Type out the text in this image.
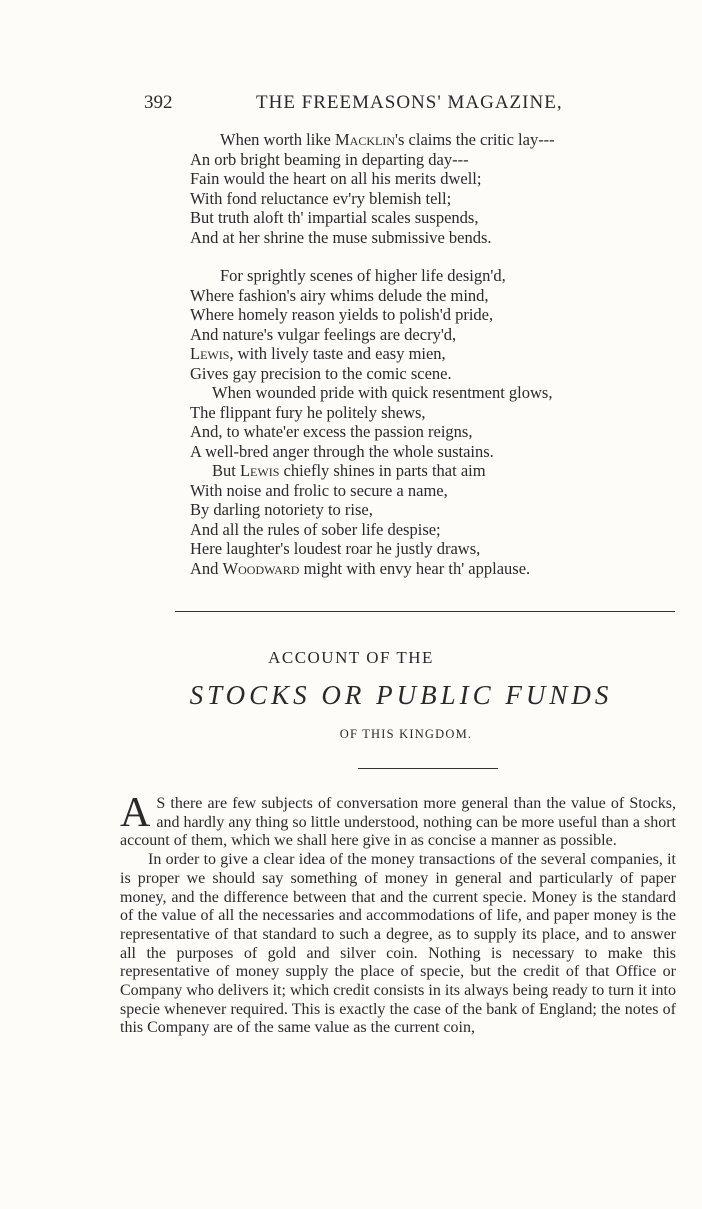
392	THE FREEMASONS' MAGAZINE,
When worth like Macklin's claims the critic lay---
An orb bright beaming in departing day---
Fain would the heart on all his merits dwell;
With fond reluctance ev'ry blemish tell;
But truth aloft th' impartial scales suspends,
And at her shrine the muse submissive bends.
For sprightly scenes of higher life design'd,
Where fashion's airy whims delude the mind,
Where homely reason yields to polish'd pride,
And nature's vulgar feelings are decry'd,
Lewis, with lively taste and easy mien,
Gives gay precision to the comic scene.
When wounded pride with quick resentment glows,
The flippant fury he politely shews,
And, to whate'er excess the passion reigns,
A well-bred anger through the whole sustains.
But Lewis chiefly shines in parts that aim
With noise and frolic to secure a name,
By darling notoriety to rise,
And all the rules of sober life despise;
Here laughter's loudest roar he justly draws,
And Woodward might with envy hear th' applause.
ACCOUNT OF THE
STOCKS OR PUBLIC FUNDS
OF THIS KINGDOM.

A S there are few subjects of conversation more general than the value of Stocks, and hardly any thing so little understood, nothing can be more useful than a short account of them, which we shall here give in as concise a manner as possible.

In order to give a clear idea of the money transactions of the several companies, it is proper we should say something of money in general and particularly of paper money, and the difference between that and the current specie. Money is the standard of the value of all the necessaries and accommodations of life, and paper money is the representative of that standard to such a degree, as to supply its place, and to answer all the purposes of gold and silver coin. Nothing is necessary to make this representative of money supply the place of specie, but the credit of that Office or Company who delivers it; which credit consists in its always being ready to turn it into specie whenever required. This is exactly the case of the bank of England; the notes of this Company are of the same value as the current coin,
